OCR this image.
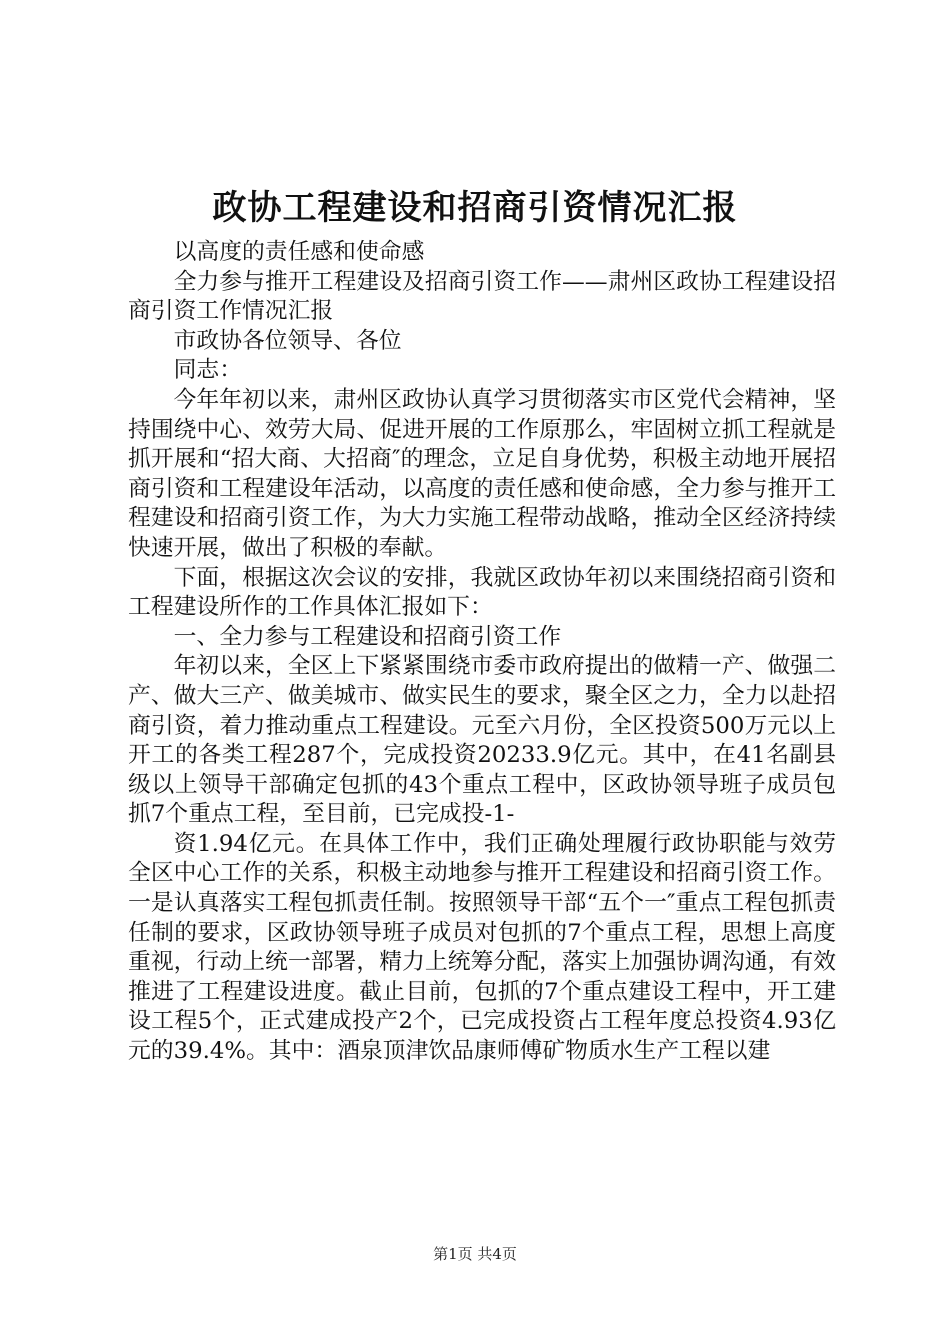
政协工程建设和招商引资情况汇报

以高度的责任感和使命感

全力参与推开工程建设及招商引资工作——肃州区政协工程建设招商引资工作情况汇报

市政协各位领导、各位

同志：

今年年初以来，肃州区政协认真学习贯彻落实市区党代会精神，坚持围绕中心、效劳大局、促进开展的工作原那么，牢固树立抓工程就是抓开展和“招大商、大招商″的理念，立足自身优势，积极主动地开展招商引资和工程建设年活动，以高度的责任感和使命感，全力参与推开工程建设和招商引资工作，为大力实施工程带动战略，推动全区经济持续快速开展，做出了积极的奉献。

下面，根据这次会议的安排，我就区政协年初以来围绕招商引资和工程建设所作的工作具体汇报如下：

一、全力参与工程建设和招商引资工作

年初以来，全区上下紧紧围绕市委市政府提出的做精一产、做强二产、做大三产、做美城市、做实民生的要求，聚全区之力，全力以赴招商引资，着力推动重点工程建设。元至六月份，全区投资500万元以上开工的各类工程287个，完成投资20233.9亿元。其中，在41名副县级以上领导干部确定包抓的43个重点工程中，区政协领导班子成员包抓7个重点工程，至目前，已完成投-1-

资1.94亿元。在具体工作中，我们正确处理履行政协职能与效劳全区中心工作的关系，积极主动地参与推开工程建设和招商引资工作。一是认真落实工程包抓责任制。按照领导干部“五个一″重点工程包抓责任制的要求，区政协领导班子成员对包抓的7个重点工程，思想上高度重视，行动上统一部署，精力上统筹分配，落实上加强协调沟通，有效推进了工程建设进度。截止目前，包抓的7个重点建设工程中，开工建设工程5个，正式建成投产2个，已完成投资占工程年度总投资4.93亿元的39.4%。其中：酒泉顶津饮品康师傅矿物质水生产工程以建

第1页 共4页
